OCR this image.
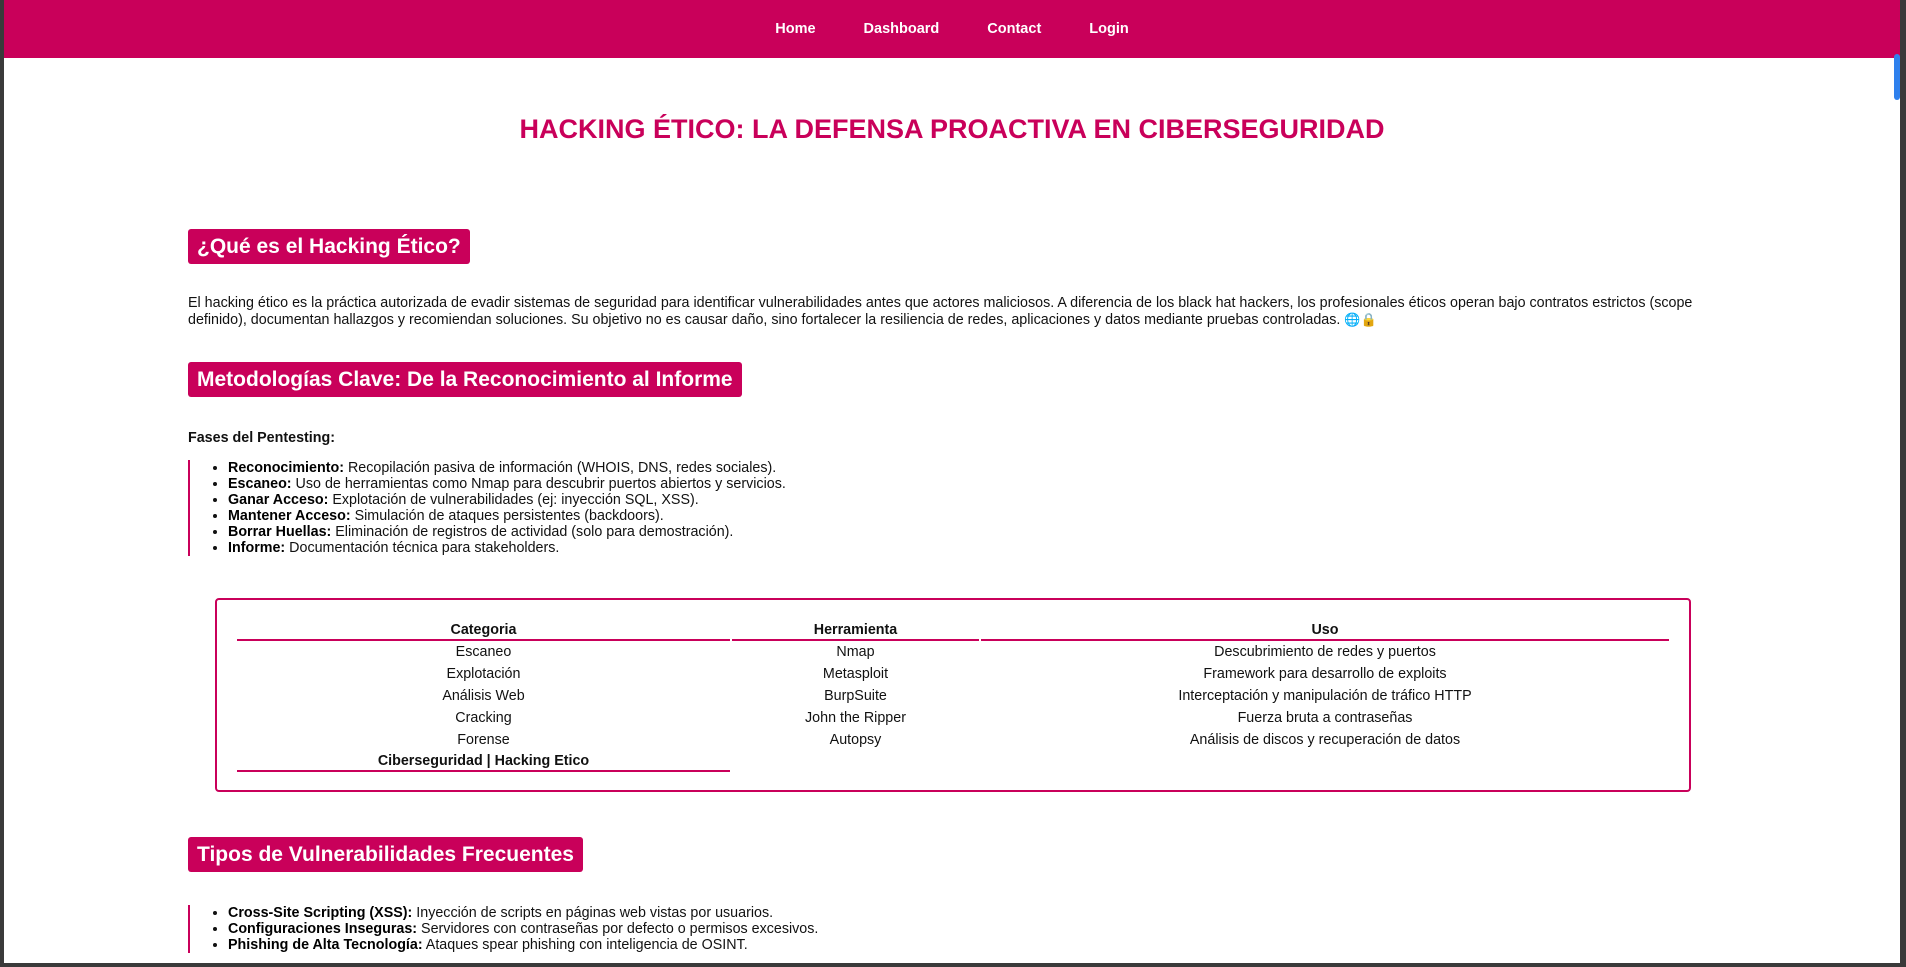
Home	Dashboard	Contact	Login
HACKING ÉTICO: LA DEFENSA PROACTIVA EN CIBERSEGURIDAD
¿Qué es el Hacking Ético?

El hacking ético es la práctica autorizada de evadir sistemas de seguridad para identificar vulnerabilidades antes que actores maliciosos. A diferencia de los black hat hackers, los profesionales éticos operan bajo contratos estrictos (scope definido), documentan hallazgos y recomiendan soluciones. Su objetivo no es causar daño, sino fortalecer la resiliencia de redes, aplicaciones y datos mediante pruebas controladas. 🌐🔒

Metodologías Clave: De la Reconocimiento al Informe

Fases del Pentesting:

• Reconocimiento: Recopilación pasiva de información (WHOIS, DNS, redes sociales).
• Escaneo: Uso de herramientas como Nmap para descubrir puertos abiertos y servicios.
• Ganar Acceso: Explotación de vulnerabilidades (ej: inyección SQL, XSS).
• Mantener Acceso: Simulación de ataques persistentes (backdoors).
• Borrar Huellas: Eliminación de registros de actividad (solo para demostración).
• Informe: Documentación técnica para stakeholders.
Categoria	Herramienta	Uso
Escaneo	Nmap	Descubrimiento de redes y puertos
Explotación	Metasploit	Framework para desarrollo de exploits
Análisis Web	BurpSuite	Interceptación y manipulación de tráfico HTTP
Cracking	John the Ripper	Fuerza bruta a contraseñas
Forense	Autopsy	Análisis de discos y recuperación de datos
Ciberseguridad | Hacking Etico		
Tipos de Vulnerabilidades Frecuentes
• Cross-Site Scripting (XSS): Inyección de scripts en páginas web vistas por usuarios.
• Configuraciones Inseguras: Servidores con contraseñas por defecto o permisos excesivos.
• Phishing de Alta Tecnología: Ataques spear phishing con inteligencia de OSINT.
